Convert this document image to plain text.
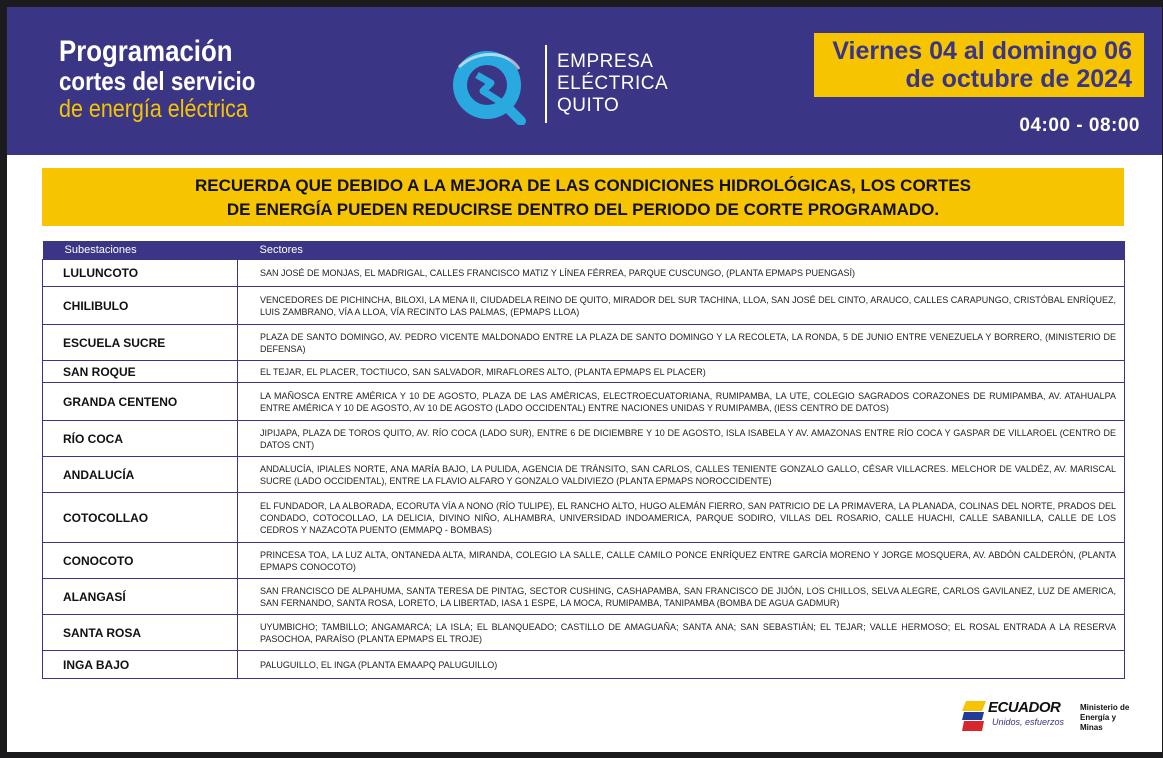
Programación
cortes del servicio
de energía eléctrica
EMPRESA
ELÉCTRICA
QUITO
Viernes 04 al domingo 06
de octubre de 2024
04:00 - 08:00
RECUERDA QUE DEBIDO A LA MEJORA DE LAS CONDICIONES HIDROLÓGICAS, LOS CORTES
DE ENERGÍA PUEDEN REDUCIRSE DENTRO DEL PERIODO DE CORTE PROGRAMADO.
Subestaciones	Sectores
LULUNCOTO	SAN JOSÉ DE MONJAS, EL MADRIGAL, CALLES FRANCISCO MATIZ Y LÍNEA FÉRREA, PARQUE CUSCUNGO, (PLANTA EPMAPS PUENGASÍ)
CHILIBULO	VENCEDORES DE PICHINCHA, BILOXI, LA MENA II, CIUDADELA REINO DE QUITO, MIRADOR DEL SUR TACHINA, LLOA, SAN JOSÉ DEL CINTO, ARAUCO, CALLES CARAPUNGO, CRISTÓBAL ENRÍQUEZ, LUIS ZAMBRANO, VÍA A LLOA, VÍA RECINTO LAS PALMAS, (EPMAPS LLOA)
ESCUELA SUCRE	PLAZA DE SANTO DOMINGO, AV. PEDRO VICENTE MALDONADO ENTRE LA PLAZA DE SANTO DOMINGO Y LA RECOLETA, LA RONDA, 5 DE JUNIO ENTRE VENEZUELA Y BORRERO, (MINISTERIO DE DEFENSA)
SAN ROQUE	EL TEJAR, EL PLACER, TOCTIUCO, SAN SALVADOR, MIRAFLORES ALTO, (PLANTA EPMAPS EL PLACER)
GRANDA CENTENO	LA MAÑOSCA ENTRE AMÉRICA Y 10 DE AGOSTO, PLAZA DE LAS AMÉRICAS, ELECTROECUATORIANA, RUMIPAMBA, LA UTE, COLEGIO SAGRADOS CORAZONES DE RUMIPAMBA, AV. ATAHUALPA ENTRE AMÉRICA Y 10 DE AGOSTO, AV 10 DE AGOSTO (LADO OCCIDENTAL) ENTRE NACIONES UNIDAS Y RUMIPAMBA, (IESS CENTRO DE DATOS)
RÍO COCA	JIPIJAPA, PLAZA DE TOROS QUITO, AV. RÍO COCA (LADO SUR), ENTRE 6 DE DICIEMBRE Y 10 DE AGOSTO, ISLA ISABELA Y AV. AMAZONAS ENTRE RÍO COCA Y GASPAR DE VILLAROEL (CENTRO DE DATOS CNT)
ANDALUCÍA	ANDALUCÍA, IPIALES NORTE, ANA MARÍA BAJO, LA PULIDA, AGENCIA DE TRÁNSITO, SAN CARLOS, CALLES TENIENTE GONZALO GALLO, CÉSAR VILLACRES. MELCHOR DE VALDÉZ, AV. MARISCAL SUCRE (LADO OCCIDENTAL), ENTRE LA FLAVIO ALFARO Y GONZALO VALDIVIEZO (PLANTA EPMAPS NOROCCIDENTE)
COTOCOLLAO	EL FUNDADOR, LA ALBORADA, ECORUTA VÍA A NONO (RÍO TULIPE), EL RANCHO ALTO, HUGO ALEMÁN FIERRO, SAN PATRICIO DE LA PRIMAVERA, LA PLANADA, COLINAS DEL NORTE, PRADOS DEL CONDADO, COTOCOLLAO, LA DELICIA, DIVINO NIÑO, ALHAMBRA, UNIVERSIDAD INDOAMERICA, PARQUE SODIRO, VILLAS DEL ROSARIO, CALLE HUACHI, CALLE SABANILLA, CALLE DE LOS CEDROS Y NAZACOTA PUENTO (EMMAPQ - BOMBAS)
CONOCOTO	PRINCESA TOA, LA LUZ ALTA, ONTANEDA ALTA, MIRANDA, COLEGIO LA SALLE, CALLE CAMILO PONCE ENRÍQUEZ ENTRE GARCÍA MORENO Y JORGE MOSQUERA, AV. ABDÓN CALDERÓN, (PLANTA EPMAPS CONOCOTO)
ALANGASÍ	SAN FRANCISCO DE ALPAHUMA, SANTA TERESA DE PINTAG, SECTOR CUSHING, CASHAPAMBA, SAN FRANCISCO DE JIJÓN, LOS CHILLOS, SELVA ALEGRE, CARLOS GAVILANEZ, LUZ DE AMERICA, SAN FERNANDO, SANTA ROSA, LORETO, LA LIBERTAD, IASA 1 ESPE, LA MOCA, RUMIPAMBA, TANIPAMBA (BOMBA DE AGUA GADMUR)
SANTA ROSA	UYUMBICHO; TAMBILLO; ANGAMARCA; LA ISLA; EL BLANQUEADO; CASTILLO DE AMAGUAÑA; SANTA ANA; SAN SEBASTIÁN; EL TEJAR; VALLE HERMOSO; EL ROSAL ENTRADA A LA RESERVA PASOCHOA, PARAÍSO (PLANTA EPMAPS EL TROJE)
INGA BAJO	PALUGUILLO, EL INGA (PLANTA EMAAPQ PALUGUILLO)
ECUADOR
Unidos, esfuerzos
Ministerio de
Energía y Minas
